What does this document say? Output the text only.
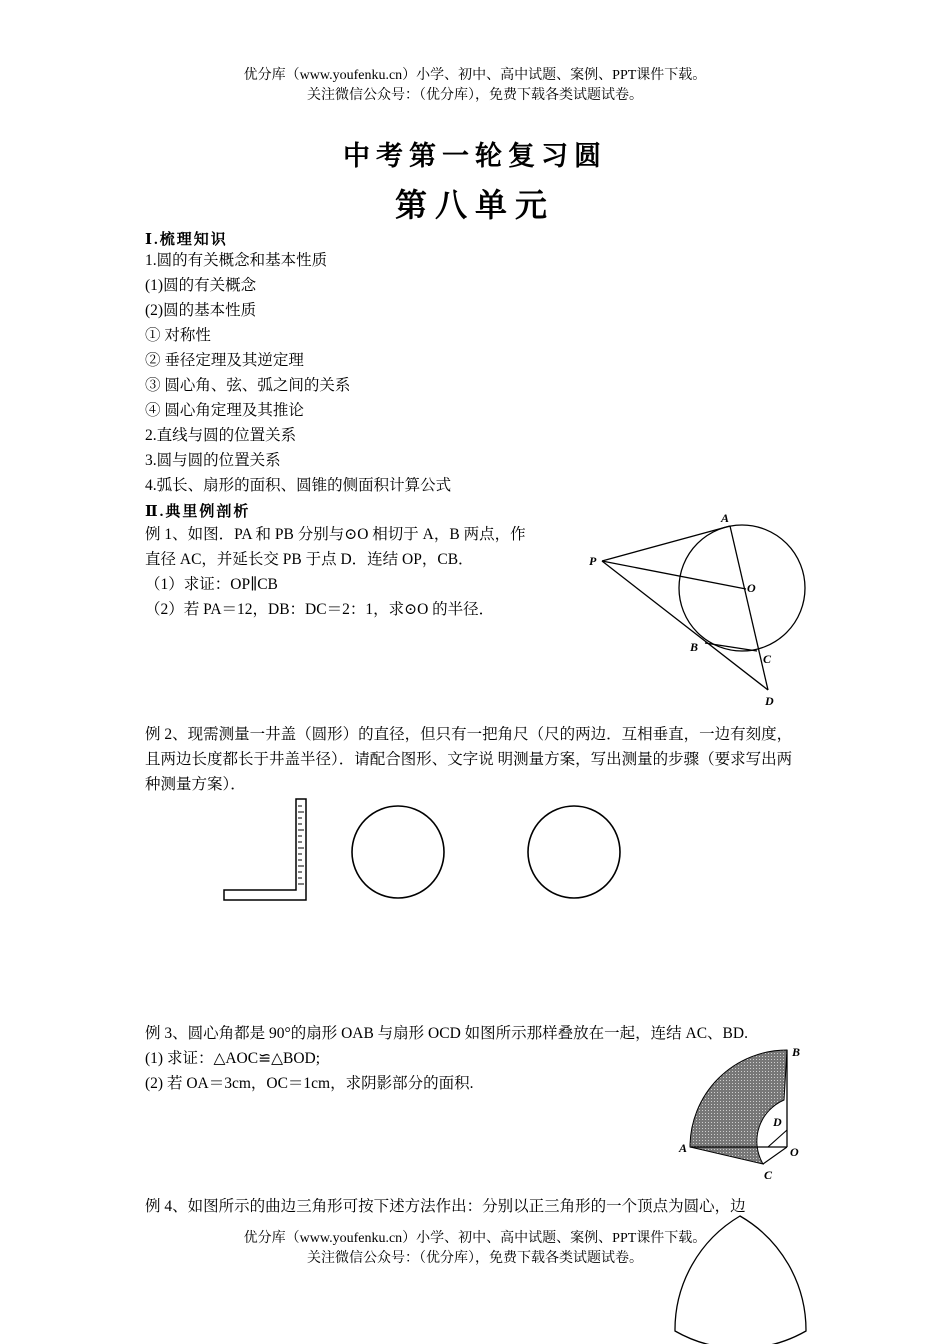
优分库（www.youfenku.cn）小学、初中、高中试题、案例、PPT课件下载。
关注微信公众号：（优分库），免费下载各类试题试卷。
中考第一轮复习圆
第八单元
Ⅰ.梳理知识
1.圆的有关概念和基本性质
(1)圆的有关概念
(2)圆的基本性质
① 对称性
② 垂径定理及其逆定理
③ 圆心角、弦、弧之间的关系
④ 圆心角定理及其推论
2.直线与圆的位置关系
3.圆与圆的位置关系
4.弧长、扇形的面积、圆锥的侧面积计算公式
Ⅱ.典里例剖析
例 1、如图．PA 和 PB 分别与⊙O 相切于 A，B 两点，作
直径 AC，并延长交 PB 于点 D．连结 OP，CB．
（1）求证：OP∥CB
（2）若 PA＝12，DB：DC＝2：1，求⊙O 的半径．
A
P
O
B
C
D
例 2、现需测量一井盖（圆形）的直径，但只有一把角尺（尺的两边．互相垂直，一边有刻度，且两边长度都长于井盖半径）．请配合图形、文字说 明测量方案，写出测量的步骤（要求写出两种测量方案）．
例 3、圆心角都是 90°的扇形 OAB 与扇形 OCD 如图所示那样叠放在一起，连结 AC、BD.
(1) 求证：△AOC≌△BOD;
(2) 若 OA＝3cm，OC＝1cm，求阴影部分的面积.
B
D
A	O
C
例 4、如图所示的曲边三角形可按下述方法作出：分别以正三角形的一个顶点为圆心，边
优分库（www.youfenku.cn）小学、初中、高中试题、案例、PPT课件下载。
关注微信公众号：（优分库），免费下载各类试题试卷。
